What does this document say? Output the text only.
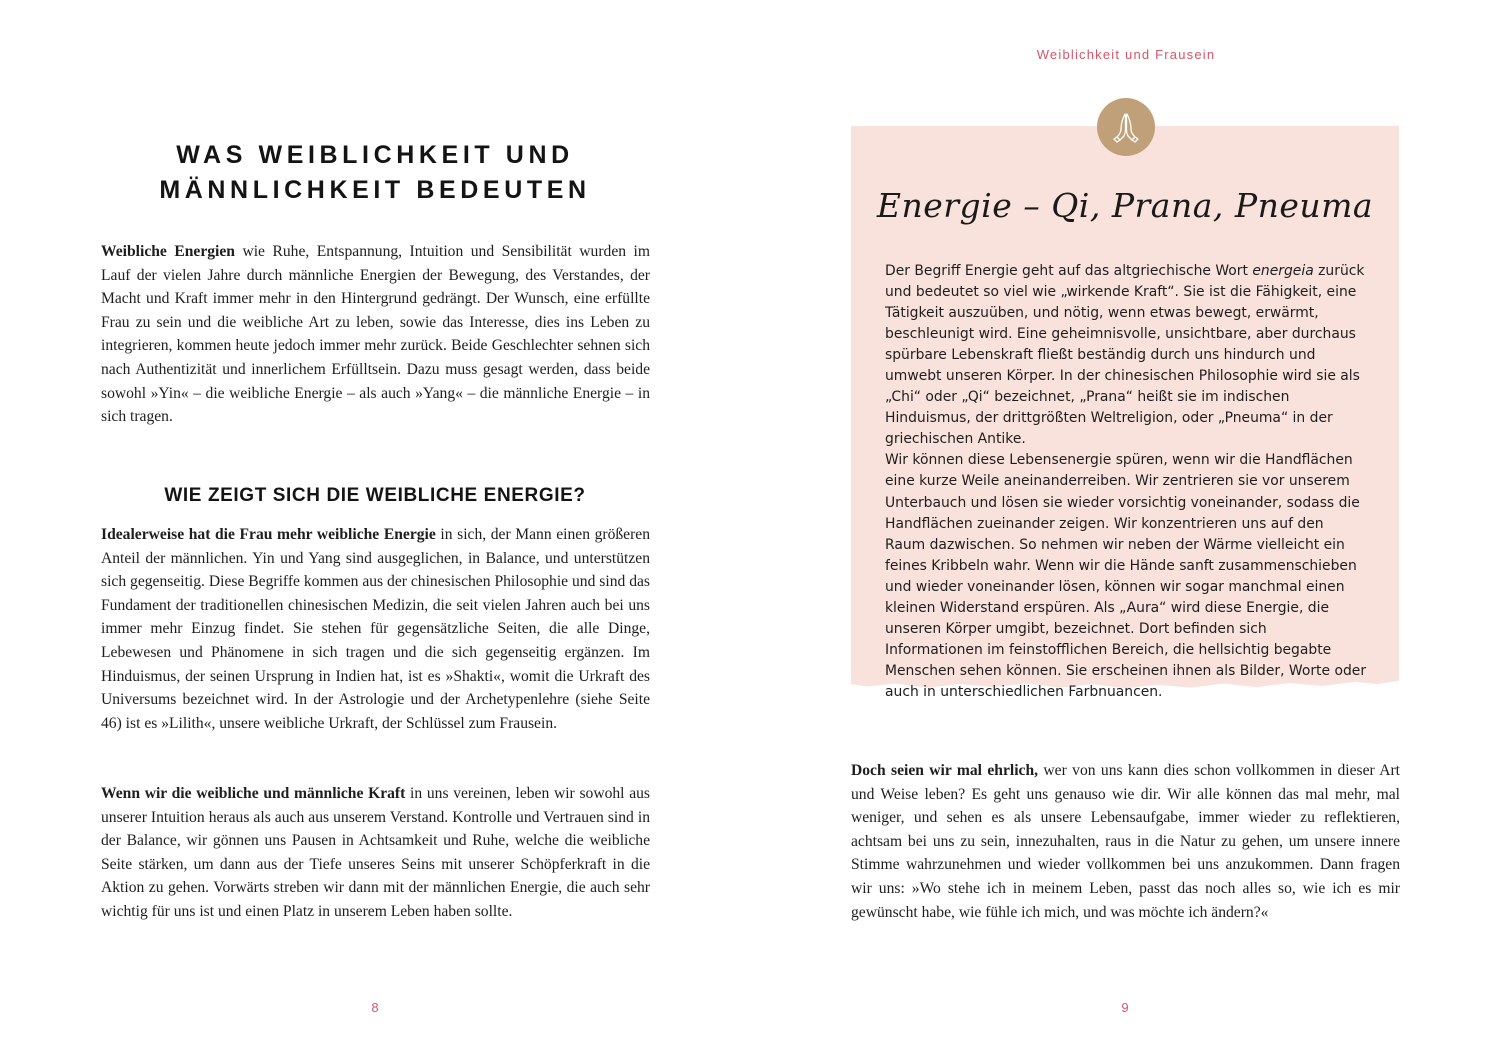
WAS WEIBLICHKEIT UND
MÄNNLICHKEIT BEDEUTEN

Weibliche Energien wie Ruhe, Entspannung, Intuition und Sensibilität wurden im Lauf der vielen Jahre durch männliche Energien der Bewegung, des Verstandes, der Macht und Kraft immer mehr in den Hintergrund gedrängt. Der Wunsch, eine erfüllte Frau zu sein und die weibliche Art zu leben, sowie das Interesse, dies ins Leben zu integrieren, kommen heute jedoch immer mehr zurück. Beide Geschlechter sehnen sich nach Authentizität und innerlichem Erfülltsein. Dazu muss gesagt werden, dass beide sowohl »Yin« – die weibliche Energie – als auch »Yang« – die männliche Energie – in sich tragen.

WIE ZEIGT SICH DIE WEIBLICHE ENERGIE?

Idealerweise hat die Frau mehr weibliche Energie in sich, der Mann einen größeren Anteil der männlichen. Yin und Yang sind ausgeglichen, in Balance, und unterstützen sich gegenseitig. Diese Begriffe kommen aus der chinesischen Philosophie und sind das Fundament der traditionellen chinesischen Medizin, die seit vielen Jahren auch bei uns immer mehr Einzug findet. Sie stehen für gegensätzliche Seiten, die alle Dinge, Lebewesen und Phänomene in sich tragen und die sich gegenseitig ergänzen. Im Hinduismus, der seinen Ursprung in Indien hat, ist es »Shakti«, womit die Urkraft des Universums bezeichnet wird. In der Astrologie und der Archetypenlehre (siehe Seite 46) ist es »Lilith«, unsere weibliche Urkraft, der Schlüssel zum Frausein.

Wenn wir die weibliche und männliche Kraft in uns vereinen, leben wir sowohl aus unserer Intuition heraus als auch aus unserem Verstand. Kontrolle und Vertrauen sind in der Balance, wir gönnen uns Pausen in Achtsamkeit und Ruhe, welche die weibliche Seite stärken, um dann aus der Tiefe unseres Seins mit unserer Schöpferkraft in die Aktion zu gehen. Vorwärts streben wir dann mit der männlichen Energie, die auch sehr wichtig für uns ist und einen Platz in unserem Leben haben sollte.

8
Weiblichkeit und Frausein
Energie – Qi, Prana, Pneuma

Der Begriff Energie geht auf das altgriechische Wort energeia zurück und bedeutet so viel wie „wirkende Kraft“. Sie ist die Fähigkeit, eine Tätigkeit auszuüben, und nötig, wenn etwas bewegt, erwärmt, beschleunigt wird. Eine geheimnisvolle, unsichtbare, aber durchaus spürbare Lebenskraft fließt beständig durch uns hindurch und umwebt unseren Körper. In der chinesischen Philosophie wird sie als „Chi“ oder „Qi“ bezeichnet, „Prana“ heißt sie im indischen Hinduismus, der drittgrößten Weltreligion, oder „Pneuma“ in der griechischen Antike.

Wir können diese Lebensenergie spüren, wenn wir die Handflächen eine kurze Weile aneinanderreiben. Wir zentrieren sie vor unserem Unterbauch und lösen sie wieder vorsichtig voneinander, sodass die Handflächen zueinander zeigen. Wir konzentrieren uns auf den Raum dazwischen. So nehmen wir neben der Wärme vielleicht ein feines Kribbeln wahr. Wenn wir die Hände sanft zusammenschieben und wieder voneinander lösen, können wir sogar manchmal einen kleinen Widerstand erspüren. Als „Aura“ wird diese Energie, die unseren Körper umgibt, bezeichnet. Dort befinden sich Informationen im feinstofflichen Bereich, die hellsichtig begabte Menschen sehen können. Sie erscheinen ihnen als Bilder, Worte oder auch in unterschiedlichen Farbnuancen.

Doch seien wir mal ehrlich, wer von uns kann dies schon vollkommen in dieser Art und Weise leben? Es geht uns genauso wie dir. Wir alle können das mal mehr, mal weniger, und sehen es als unsere Lebensaufgabe, immer wieder zu reflektieren, achtsam bei uns zu sein, innezuhalten, raus in die Natur zu gehen, um unsere innere Stimme wahrzunehmen und wieder vollkommen bei uns anzukommen. Dann fragen wir uns: »Wo stehe ich in meinem Leben, passt das noch alles so, wie ich es mir gewünscht habe, wie fühle ich mich, und was möchte ich ändern?«

9
